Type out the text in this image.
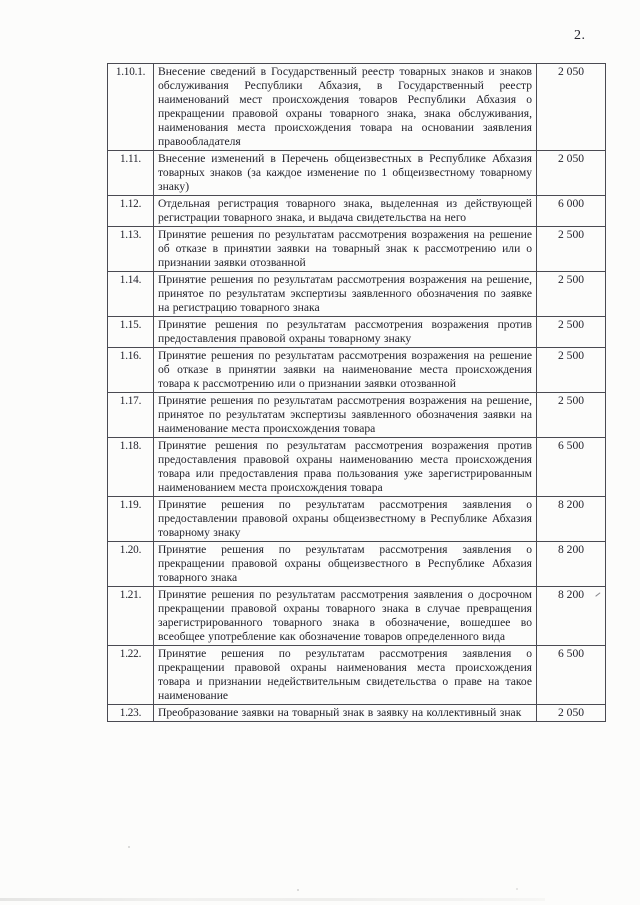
2.
1.10.1.	Внесение сведений в Государственный реестр товарных знаков и знаков обслуживания Республики Абхазия, в Государственный реестр наименований мест происхождения товаров Республики Абхазия о прекращении правовой охраны товарного знака, знака обслуживания, наименования места происхождения товара на основании заявления правообладателя	2 050
1.11.	Внесение изменений в Перечень общеизвестных в Республике Абхазия товарных знаков (за каждое изменение по 1 общеизвестному товарному знаку)	2 050
1.12.	Отдельная регистрация товарного знака, выделенная из действующей регистрации товарного знака, и выдача свидетельства на него	6 000
1.13.	Принятие решения по результатам рассмотрения возражения на решение об отказе в принятии заявки на товарный знак к рассмотрению или о признании заявки отозванной	2 500
1.14.	Принятие решения по результатам рассмотрения возражения на решение, принятое по результатам экспертизы заявленного обозначения по заявке на регистрацию товарного знака	2 500
1.15.	Принятие решения по результатам рассмотрения возражения против предоставления правовой охраны товарному знаку	2 500
1.16.	Принятие решения по результатам рассмотрения возражения на решение об отказе в принятии заявки на наименование места происхождения товара к рассмотрению или о признании заявки отозванной	2 500
1.17.	Принятие решения по результатам рассмотрения возражения на решение, принятое по результатам экспертизы заявленного обозначения заявки на наименование места происхождения товара	2 500
1.18.	Принятие решения по результатам рассмотрения возражения против предоставления правовой охраны наименованию места происхождения товара или предоставления права пользования уже зарегистрированным наименованием места происхождения товара	6 500
1.19.	Принятие решения по результатам рассмотрения заявления о предоставлении правовой охраны общеизвестному в Республике Абхазия товарному знаку	8 200
1.20.	Принятие решения по результатам рассмотрения заявления о прекращении правовой охраны общеизвестного в Республике Абхазия товарного знака	8 200
1.21.	Принятие решения по результатам рассмотрения заявления о досрочном прекращении правовой охраны товарного знака в случае превращения зарегистрированного товарного знака в обозначение, вошедшее во всеобщее употребление как обозначение товаров определенного вида	8 200
1.22.	Принятие решения по результатам рассмотрения заявления о прекращении правовой охраны наименования места происхождения товара и признании недействительным свидетельства о праве на такое наименование	6 500
1.23.	Преобразование заявки на товарный знак в заявку на коллективный знак	2 050
